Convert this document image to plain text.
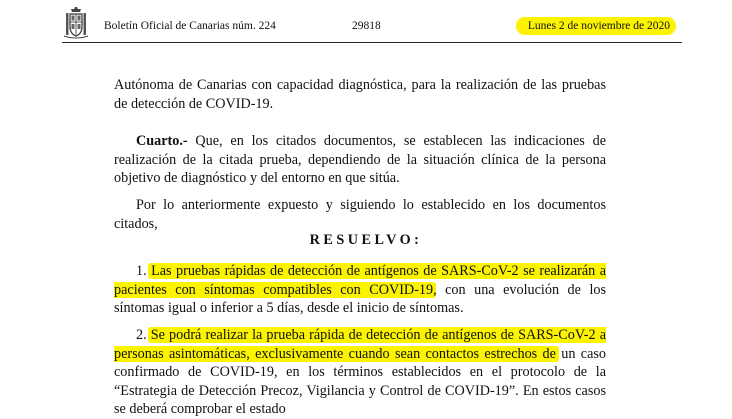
Boletín Oficial de Canarias núm. 224	29818	Lunes 2 de noviembre de 2020
Autónoma de Canarias con capacidad diagnóstica, para la realización de las pruebas de detección de COVID-19.
Cuarto.- Que, en los citados documentos, se establecen las indicaciones de realización de la citada prueba, dependiendo de la situación clínica de la persona objetivo de diagnóstico y del entorno en que sitúa.
Por lo anteriormente expuesto y siguiendo lo establecido en los documentos citados,
RESUELVO:
1. Las pruebas rápidas de detección de antígenos de SARS-CoV-2 se realizarán a pacientes con síntomas compatibles con COVID-19, con una evolución de los síntomas igual o inferior a 5 días, desde el inicio de síntomas.
2. Se podrá realizar la prueba rápida de detección de antígenos de SARS-CoV-2 a personas asintomáticas, exclusivamente cuando sean contactos estrechos de un caso confirmado de COVID-19, en los términos establecidos en el protocolo de la “Estrategia de Detección Precoz, Vigilancia y Control de COVID-19”. En estos casos se deberá comprobar el estado
